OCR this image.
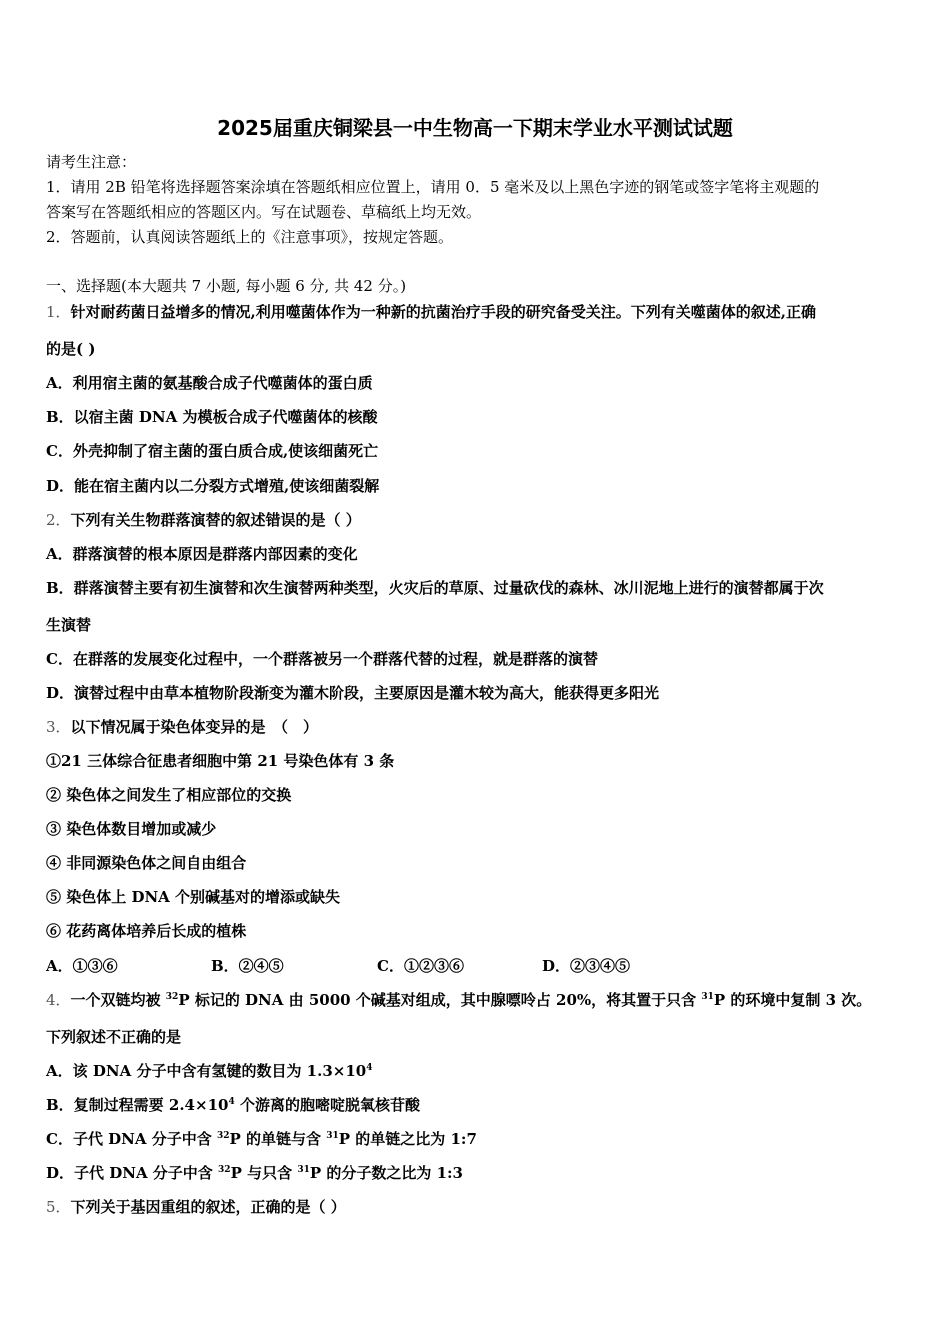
2025届重庆铜梁县一中生物高一下期末学业水平测试试题
请考生注意：
1．请用 2B 铅笔将选择题答案涂填在答题纸相应位置上，请用 0．5 毫米及以上黑色字迹的钢笔或签字笔将主观题的
答案写在答题纸相应的答题区内。写在试题卷、草稿纸上均无效。
2．答题前，认真阅读答题纸上的《注意事项》，按规定答题。
一、选择题(本大题共 7 小题, 每小题 6 分, 共 42 分。)
1．针对耐药菌日益增多的情况,利用噬菌体作为一种新的抗菌治疗手段的研究备受关注。下列有关噬菌体的叙述,正确
的是( )
A．利用宿主菌的氨基酸合成子代噬菌体的蛋白质
B．以宿主菌 DNA 为模板合成子代噬菌体的核酸
C．外壳抑制了宿主菌的蛋白质合成,使该细菌死亡
D．能在宿主菌内以二分裂方式增殖,使该细菌裂解
2．下列有关生物群落演替的叙述错误的是（ ）
A．群落演替的根本原因是群落内部因素的变化
B．群落演替主要有初生演替和次生演替两种类型，火灾后的草原、过量砍伐的森林、冰川泥地上进行的演替都属于次
生演替
C．在群落的发展变化过程中，一个群落被另一个群落代替的过程，就是群落的演替
D．演替过程中由草本植物阶段渐变为灌木阶段，主要原因是灌木较为高大，能获得更多阳光
3．以下情况属于染色体变异的是　（　）
①21 三体综合征患者细胞中第 21 号染色体有 3 条
② 染色体之间发生了相应部位的交换
③ 染色体数目增加或减少
④ 非同源染色体之间自由组合
⑤ 染色体上 DNA 个别碱基对的增添或缺失
⑥ 花药离体培养后长成的植株
A．①③⑥	B．②④⑤	C．①②③⑥	D．②③④⑤
4．一个双链均被 $^{32}$P 标记的 DNA 由 5000 个碱基对组成，其中腺嘌呤占 20%，将其置于只含 $^{31}$P 的环境中复制 3 次。
下列叙述不正确的是
A．该 DNA 分子中含有氢键的数目为 $1.3\times 10^4$
B．复制过程需要 $2.4\times 10^4$ 个游离的胞嘧啶脱氧核苷酸
C．子代 DNA 分子中含 $^{32}$P 的单链与含 $^{31}$P 的单链之比为 1:7
D．子代 DNA 分子中含 $^{32}$P 与只含 $^{31}$P 的分子数之比为 1:3
5．下列关于基因重组的叙述，正确的是（ ）
